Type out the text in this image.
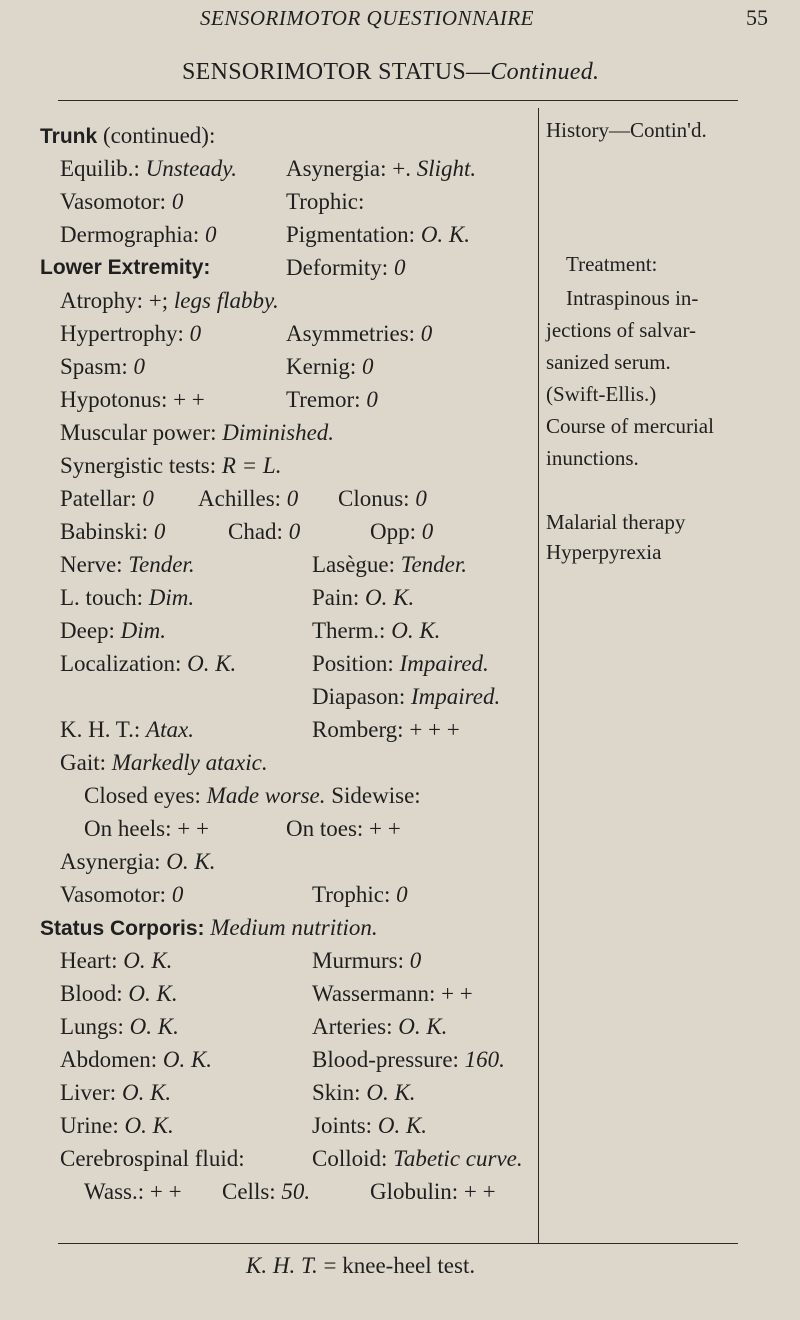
SENSORIMOTOR QUESTIONNAIRE	55
SENSORIMOTOR STATUS—Continued.
Trunk (continued):
Equilib.: Unsteady. Asynergia: +. Slight.
Vasomotor: 0	Trophic:
Dermographia: 0	Pigmentation: O. K.
Lower Extremity:	Deformity: 0
Atrophy: +; legs flabby.
Hypertrophy: 0	Asymmetries: 0
Spasm: 0	Kernig: 0
Hypotonus: + +	Tremor: 0
Muscular power: Diminished.
Synergistic tests: R = L.
Patellar: 0 Achilles: 0 Clonus: 0
Babinski: 0	Chad: 0	Opp: 0
Nerve: Tender.	Lasègue: Tender.
L. touch: Dim.	Pain: O. K.
Deep: Dim.	Therm.: O. K.
Localization: O. K.	Position: Impaired.
Diapason: Impaired.
K. H. T.: Atax.	Romberg: + + +
Gait: Markedly ataxic.
Closed eyes: Made worse. Sidewise:
On heels: + +	On toes: + +
Asynergia: O. K.
Vasomotor: 0	Trophic: 0
Status Corporis: Medium nutrition.
Heart: O. K.	Murmurs: 0
Blood: O. K.	Wassermann: + +
Lungs: O. K.	Arteries: O. K.
Abdomen: O. K.	Blood-pressure: 160.
Liver: O. K.	Skin: O. K.
Urine: O. K.	Joints: O. K.
Cerebrospinal fluid:	Colloid: Tabetic curve.
Wass.: + + Cells: 50.	Globulin: + +
History—Contin'd.
Treatment:
Intraspinous in-
jections of salvar-
sanized serum.
(Swift-Ellis.)
Course of mercurial
inunctions.
Malarial therapy
Hyperpyrexia
K. H. T. = knee-heel test.
